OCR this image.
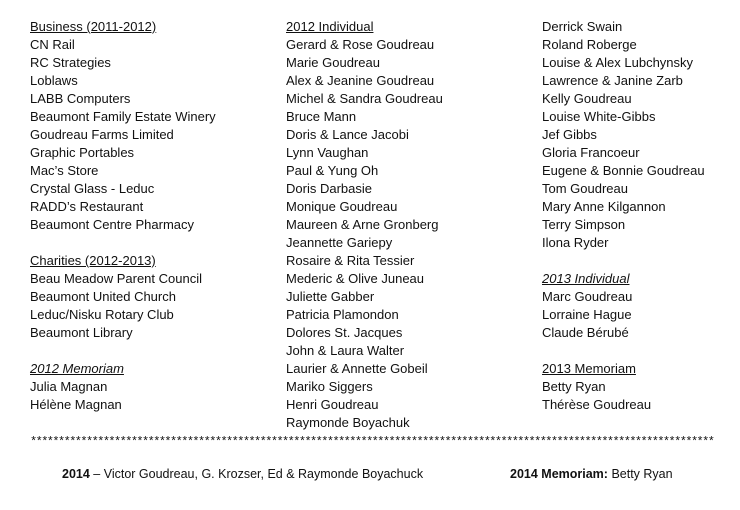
Business (2011-2012)
CN Rail
RC Strategies
Loblaws
LABB Computers
Beaumont Family Estate Winery
Goudreau Farms Limited
Graphic Portables
Mac’s Store
Crystal Glass - Leduc
RADD’s Restaurant
Beaumont Centre Pharmacy
Charities (2012-2013)
Beau Meadow Parent Council
Beaumont United Church
Leduc/Nisku Rotary Club
Beaumont Library
2012 Memoriam
Julia Magnan
Hélène Magnan
2012 Individual
Gerard & Rose Goudreau
Marie Goudreau
Alex & Jeanine Goudreau
Michel & Sandra Goudreau
Bruce Mann
Doris & Lance Jacobi
Lynn Vaughan
Paul & Yung Oh
Doris Darbasie
Monique Goudreau
Maureen & Arne Gronberg
Jeannette Gariepy
Rosaire & Rita Tessier
Mederic & Olive Juneau
Juliette Gabber
Patricia Plamondon
Dolores St. Jacques
John & Laura Walter
Laurier & Annette Gobeil
Mariko Siggers
Henri Goudreau
Raymonde Boyachuk
Derrick Swain
Roland Roberge
Louise & Alex Lubchynsky
Lawrence & Janine Zarb
Kelly Goudreau
Louise White-Gibbs
Jef Gibbs
Gloria Francoeur
Eugene & Bonnie Goudreau
Tom Goudreau
Mary Anne Kilgannon
Terry Simpson
Ilona Ryder
2013 Individual
Marc Goudreau
Lorraine Hague
Claude Bérubé
2013 Memoriam
Betty Ryan
Thérèse Goudreau
**************************************************************************************************************************
2014 – Victor Goudreau, G. Krozser, Ed & Raymonde Boyachuck	2014 Memoriam: Betty Ryan
